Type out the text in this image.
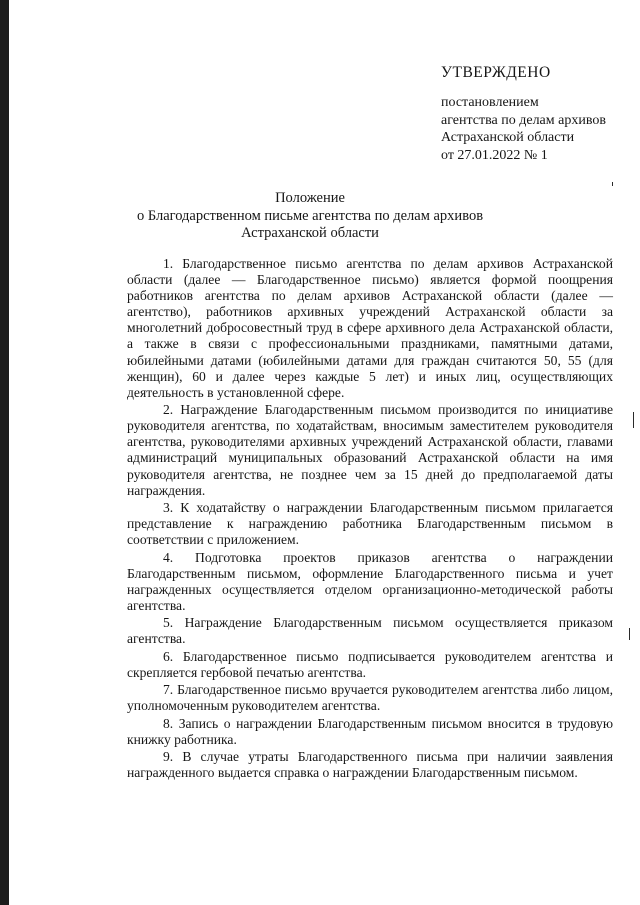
УТВЕРЖДЕНО
постановлением
агентства по делам архивов
Астраханской области
от 27.01.2022 № 1
Положение
о Благодарственном письме агентства по делам архивов
Астраханской области

1. Благодарственное письмо агентства по делам архивов Астраханской области (далее — Благодарственное письмо) является формой поощрения работников агентства по делам архивов Астраханской области (далее — агентство), работников архивных учреждений Астраханской области за многолетний добросовестный труд в сфере архивного дела Астраханской области, а также в связи с профессиональными праздниками, памятными датами, юбилейными датами (юбилейными датами для граждан считаются 50, 55 (для женщин), 60 и далее через каждые 5 лет) и иных лиц, осуществляющих деятельность в установленной сфере.

2. Награждение Благодарственным письмом производится по инициативе руководителя агентства, по ходатайствам, вносимым заместителем руководителя агентства, руководителями архивных учреждений Астраханской области, главами администраций муниципальных образований Астраханской области на имя руководителя агентства, не позднее чем за 15 дней до предполагаемой даты награждения.

3. К ходатайству о награждении Благодарственным письмом прилагается представление к награждению работника Благодарственным письмом в соответствии с приложением.

4. Подготовка проектов приказов агентства о награждении Благодарственным письмом, оформление Благодарственного письма и учет награжденных осуществляется отделом организационно-методической работы агентства.

5. Награждение Благодарственным письмом осуществляется приказом агентства.

6. Благодарственное письмо подписывается руководителем агентства и скрепляется гербовой печатью агентства.

7. Благодарственное письмо вручается руководителем агентства либо лицом, уполномоченным руководителем агентства.

8. Запись о награждении Благодарственным письмом вносится в трудовую книжку работника.

9. В случае утраты Благодарственного письма при наличии заявления награжденного выдается справка о награждении Благодарственным письмом.
